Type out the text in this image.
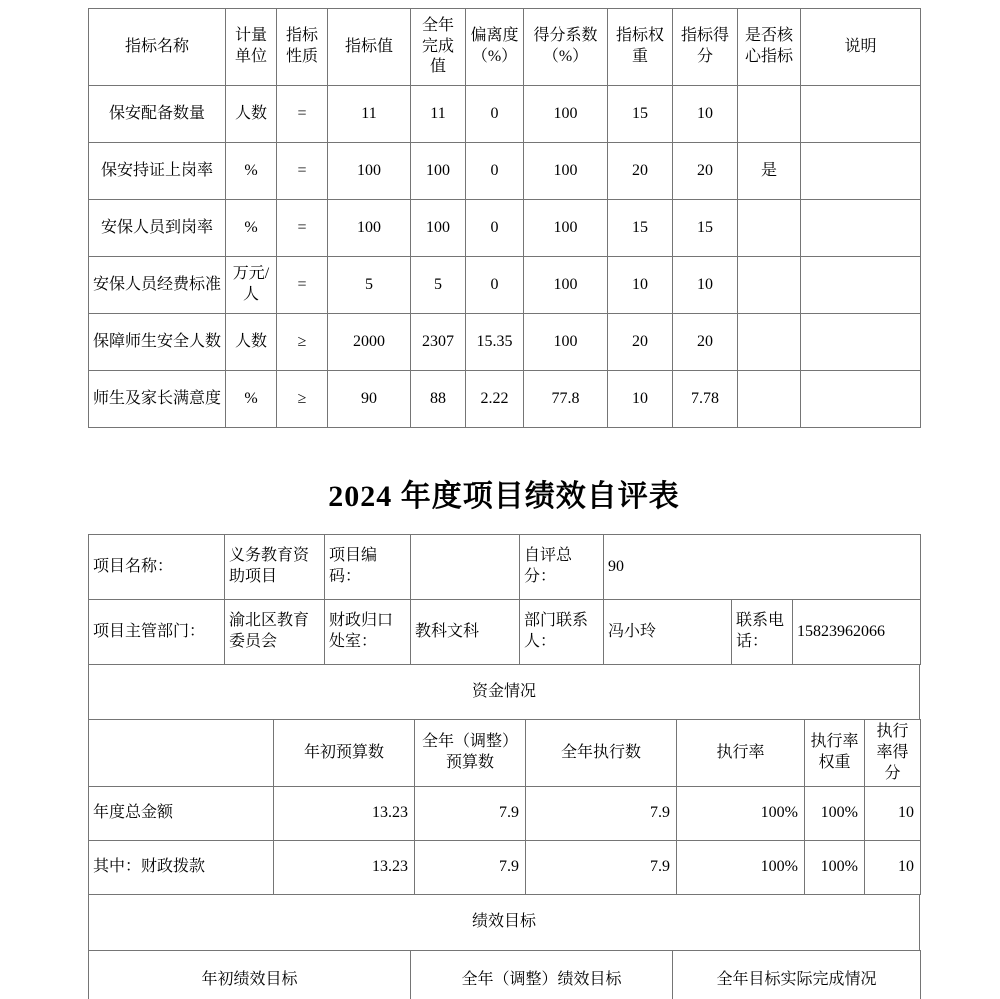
指标名称	计量单位	指标性质	指标值	全年完成值	偏离度（%）	得分系数（%）	指标权重	指标得分	是否核心指标	说明
保安配备数量	人数	=	11	11	0	100	15	10		
保安持证上岗率	%	=	100	100	0	100	20	20	是	
安保人员到岗率	%	=	100	100	0	100	15	15		
安保人员经费标准	万元/人	=	5	5	0	100	10	10		
保障师生安全人数	人数	≥	2000	2307	15.35	100	20	20		
师生及家长满意度	%	≥	90	88	2.22	77.8	10	7.78		
2024 年度项目绩效自评表
项目名称：	义务教育资助项目	项目编码：		自评总分：	90		
项目主管部门：	渝北区教育委员会	财政归口处室：	教科文科	部门联系人：	冯小玲	联系电话：	15823962066
资金情况
	年初预算数	全年（调整）预算数	全年执行数	执行率	执行率权重	执行率得分
年度总金额	13.23	7.9	7.9	100%	100%	10
其中：财政拨款	13.23	7.9	7.9	100%	100%	10
绩效目标
年初绩效目标	全年（调整）绩效目标	全年目标实际完成情况
